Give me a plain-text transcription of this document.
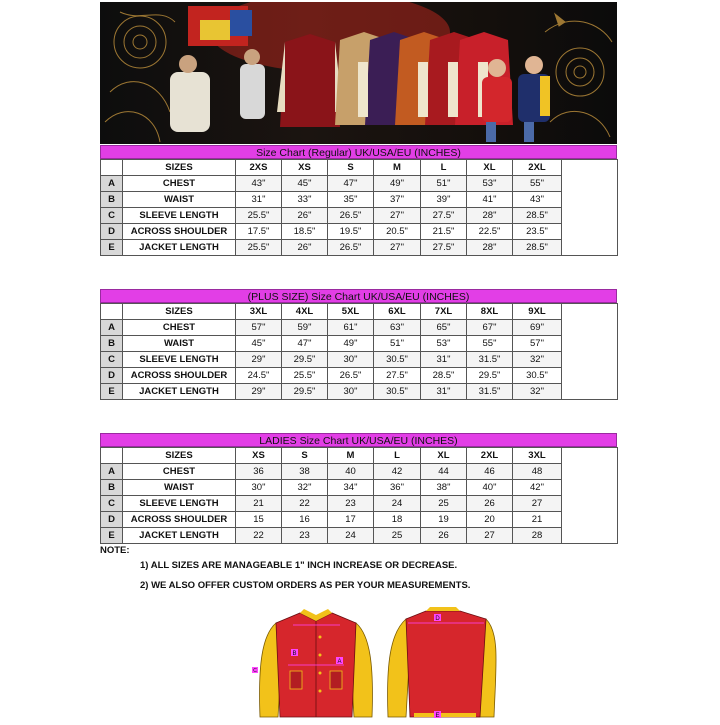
Size Chart (Regular) UK/USA/EU (INCHES)
	SIZES	2XS	XS	S	M	L	XL	2XL	
A	CHEST	43"	45"	47"	49"	51"	53"	55"	
B	WAIST	31"	33"	35"	37"	39"	41"	43"	
C	SLEEVE LENGTH	25.5"	26"	26.5"	27"	27.5"	28"	28.5"	
D	ACROSS SHOULDER	17.5"	18.5"	19.5"	20.5"	21.5"	22.5"	23.5"	
E	JACKET LENGTH	25.5"	26"	26.5"	27"	27.5"	28"	28.5"	
(PLUS SIZE) Size Chart UK/USA/EU (INCHES)
	SIZES	3XL	4XL	5XL	6XL	7XL	8XL	9XL	
A	CHEST	57"	59"	61"	63"	65"	67"	69"	
B	WAIST	45"	47"	49"	51"	53"	55"	57"	
C	SLEEVE LENGTH	29"	29.5"	30"	30.5"	31"	31.5"	32"	
D	ACROSS SHOULDER	24.5"	25.5"	26.5"	27.5"	28.5"	29.5"	30.5"	
E	JACKET LENGTH	29"	29.5"	30"	30.5"	31"	31.5"	32"	
LADIES Size Chart UK/USA/EU (INCHES)
	SIZES	XS	S	M	L	XL	2XL	3XL	
A	CHEST	36	38	40	42	44	46	48	
B	WAIST	30"	32"	34"	36"	38"	40"	42"	
C	SLEEVE LENGTH	21	22	23	24	25	26	27	
D	ACROSS SHOULDER	15	16	17	18	19	20	21	
E	JACKET LENGTH	22	23	24	25	26	27	28	
NOTE:
1) ALL SIZES ARE MANAGEABLE 1" INCH INCREASE OR DECREASE.
2) WE ALSO OFFER CUSTOM ORDERS AS PER YOUR MEASUREMENTS.
C
B
A
D
E
